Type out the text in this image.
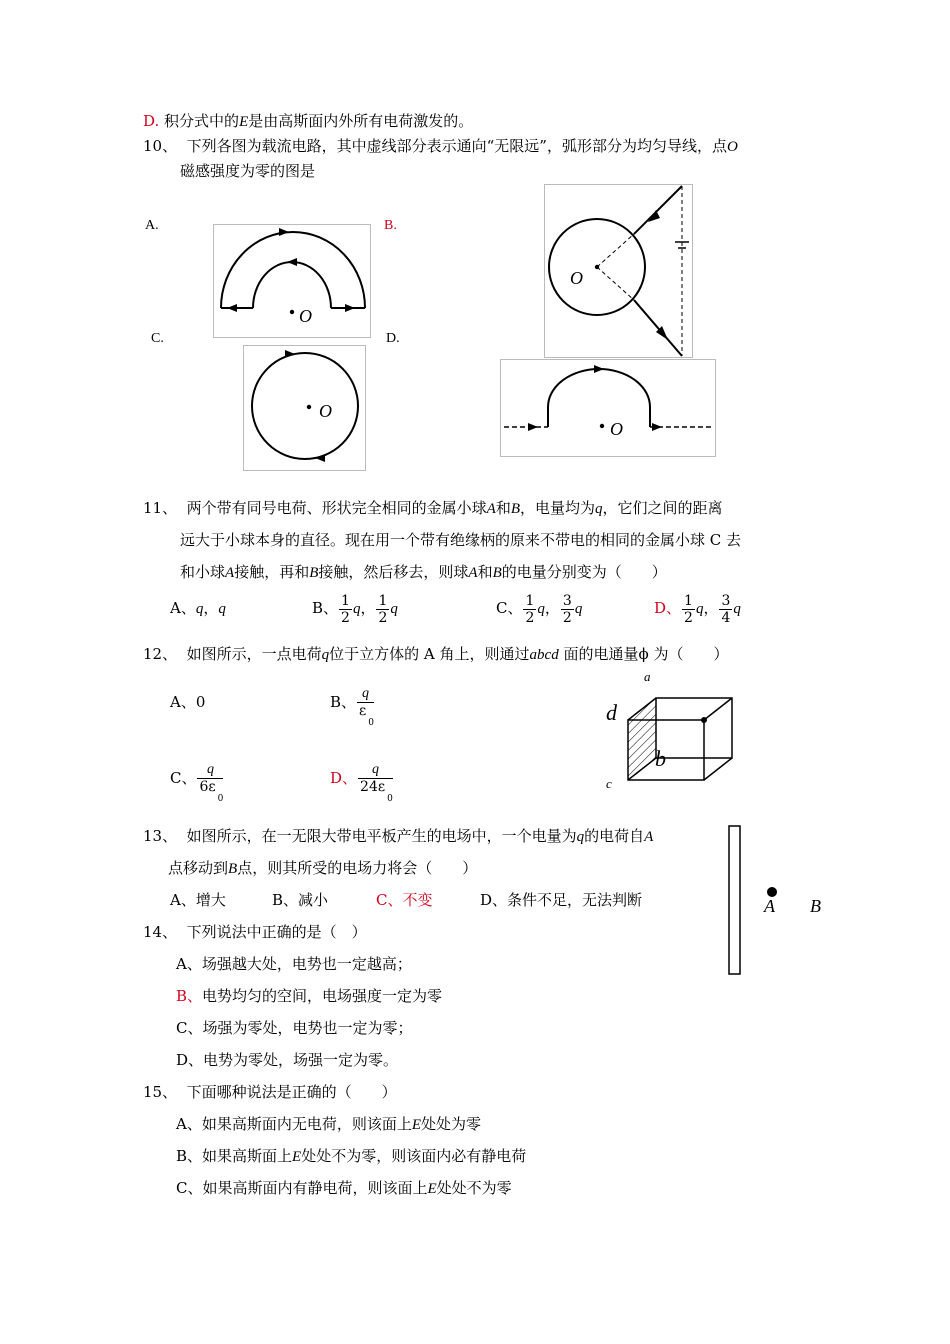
D. 积分式中的E是由高斯面内外所有电荷激发的。
10、 下列各图为载流电路，其中虚线部分表示通向“无限远”，弧形部分为均匀导线，点O
磁感强度为零的图是
A.	B.
C.	D.
O
O
O
O
11、 两个带有同号电荷、形状完全相同的金属小球A和B，电量均为q，它们之间的距离
远大于小球本身的直径。现在用一个带有绝缘柄的原来不带电的相同的金属小球 C 去
和小球A接触，再和B接触，然后移去，则球A和B的电量分别变为（　　）
A、q，q	B、 $\frac{1}{2}$ q， $\frac{1}{2}$ q	C、 $\frac{1}{2}$ q， $\frac{3}{2}$ q	D、 $\frac{1}{2}$ q， $\frac{3}{4}$ q
12、 如图所示，一点电荷q位于立方体的 A 角上，则通过abcd 面的电通量ϕ 为（　　）
A、0	B、 $\frac{q}{\varepsilon_0}$
C、 $\frac{q}{6\varepsilon_0}$	D、 $\frac{q}{24\varepsilon_0}$
a
d
b
c
13、 如图所示，在一无限大带电平板产生的电场中，一个电量为q的电荷自A
点移动到B点，则其所受的电场力将会（　　）
A、增大	B、减小	C、不变	D、条件不足，无法判断	A B
14、 下列说法中正确的是（　）
A、场强越大处，电势也一定越高；
B、电势均匀的空间，电场强度一定为零
C、场强为零处，电势也一定为零；
D、电势为零处，场强一定为零。
15、 下面哪种说法是正确的（　　）
A、如果高斯面内无电荷，则该面上E处处为零
B、如果高斯面上E处处不为零，则该面内必有静电荷
C、如果高斯面内有静电荷，则该面上E处处不为零
